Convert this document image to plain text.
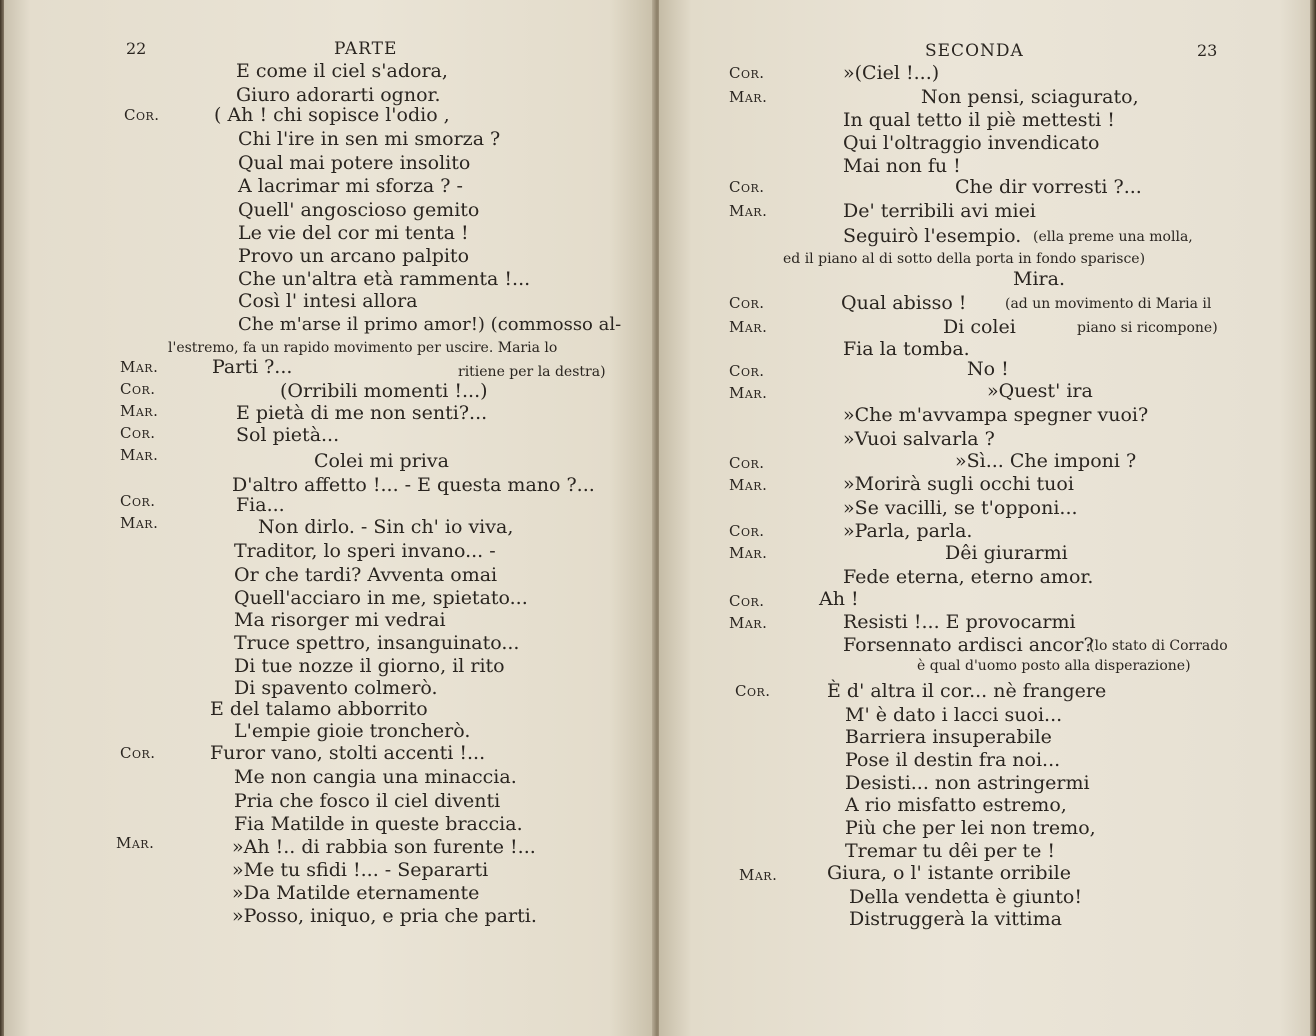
22	PARTE
E come il ciel s'adora,
Giuro adorarti ognor.
Cor.	( Ah ! chi sopisce l'odio ,
Chi l'ire in sen mi smorza ?
Qual mai potere insolito
A lacrimar mi sforza ? -
Quell' angoscioso gemito
Le vie del cor mi tenta !
Provo un arcano palpito
Che un'altra età rammenta !...
Così l' intesi allora
Che m'arse il primo amor!) (commosso al-
l'estremo, fa un rapido movimento per uscire. Maria lo
Mar.	Parti ?...	ritiene per la destra)
Cor.	(Orribili momenti !...)
Mar.	E pietà di me non senti?...
Cor.	Sol pietà...
Mar.	Colei mi priva
D'altro affetto !... - E questa mano ?...
Cor.	Fia...
Mar.	Non dirlo. - Sin ch' io viva,
Traditor, lo speri invano... -
Or che tardi? Avventa omai
Quell'acciaro in me, spietato...
Ma risorger mi vedrai
Truce spettro, insanguinato...
Di tue nozze il giorno, il rito
Di spavento colmerò.
E del talamo abborrito
L'empie gioie troncherò.
Cor.	Furor vano, stolti accenti !...
Me non cangia una minaccia.
Pria che fosco il ciel diventi
Fia Matilde in queste braccia.
Mar.	»Ah !.. di rabbia son furente !...
»Me tu sfidi !... - Separarti
»Da Matilde eternamente
»Posso, iniquo, e pria che parti.
SECONDA	23
Cor.	»(Ciel !...)
Mar.	Non pensi, sciagurato,
In qual tetto il piè mettesti !
Qui l'oltraggio invendicato
Mai non fu !
Cor.	Che dir vorresti ?...
Mar.	De' terribili avi miei
Seguirò l'esempio. (ella preme una molla,
ed il piano al di sotto della porta in fondo sparisce)
Mira.
Cor.	Qual abisso !	(ad un movimento di Maria il
Mar.	Di colei	piano si ricompone)
Fia la tomba.
Cor.	No !
Mar.	»Quest' ira
»Che m'avvampa spegner vuoi?
»Vuoi salvarla ?
Cor.	»Sì... Che imponi ?
Mar.	»Morirà sugli occhi tuoi
»Se vacilli, se t'opponi...
Cor.	»Parla, parla.
Mar.	Dêi giurarmi
Fede eterna, eterno amor.
Cor.	Ah !
Mar.	Resisti !... E provocarmi
Forsennato ardisci ancor?
(lo stato di Corrado
è qual d'uomo posto alla disperazione)
Cor.	È d' altra il cor... nè frangere
M' è dato i lacci suoi...
Barriera insuperabile
Pose il destin fra noi...
Desisti... non astringermi
A rio misfatto estremo,
Più che per lei non tremo,
Tremar tu dêi per te !
Mar.	Giura, o l' istante orribile
Della vendetta è giunto!
Distruggerà la vittima
